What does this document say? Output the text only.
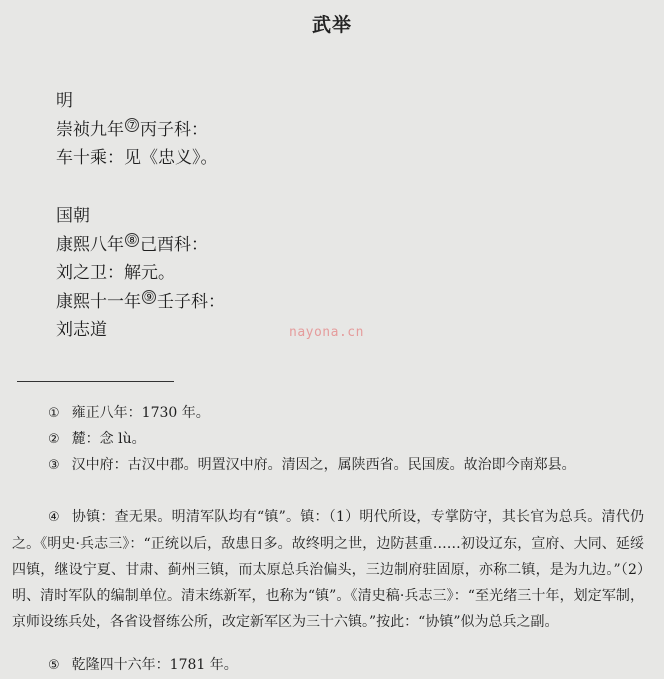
武举
明
崇祯九年 ⑦ 丙子科：
车十乘：见《忠义》。
国朝
康熙八年 ⑧ 己酉科：
刘之卫：解元。
康熙十一年 ⑨ 壬子科：
刘志道	nayona.cn
① 雍正八年：1730 年。
② 麓：念 lù。
③ 汉中府：古汉中郡。明置汉中府。清因之，属陕西省。民国废。故治即今南郑县。
④ 协镇：查无果。明清军队均有“镇”。镇：（1）明代所设，专掌防守，其长官为总兵。清代仍之。《明史·兵志三》：“正统以后，敌患日多。故终明之世，边防甚重……初设辽东，宣府、大同、延绥四镇，继设宁夏、甘肃、蓟州三镇，而太原总兵治偏头，三边制府驻固原，亦称二镇，是为九边。”（2）明、清时军队的编制单位。清末练新军，也称为“镇”。《清史稿·兵志三》：“至光绪三十年，划定军制，京师设练兵处，各省设督练公所，改定新军区为三十六镇。”按此：“协镇”似为总兵之副。
⑤ 乾隆四十六年：1781 年。
